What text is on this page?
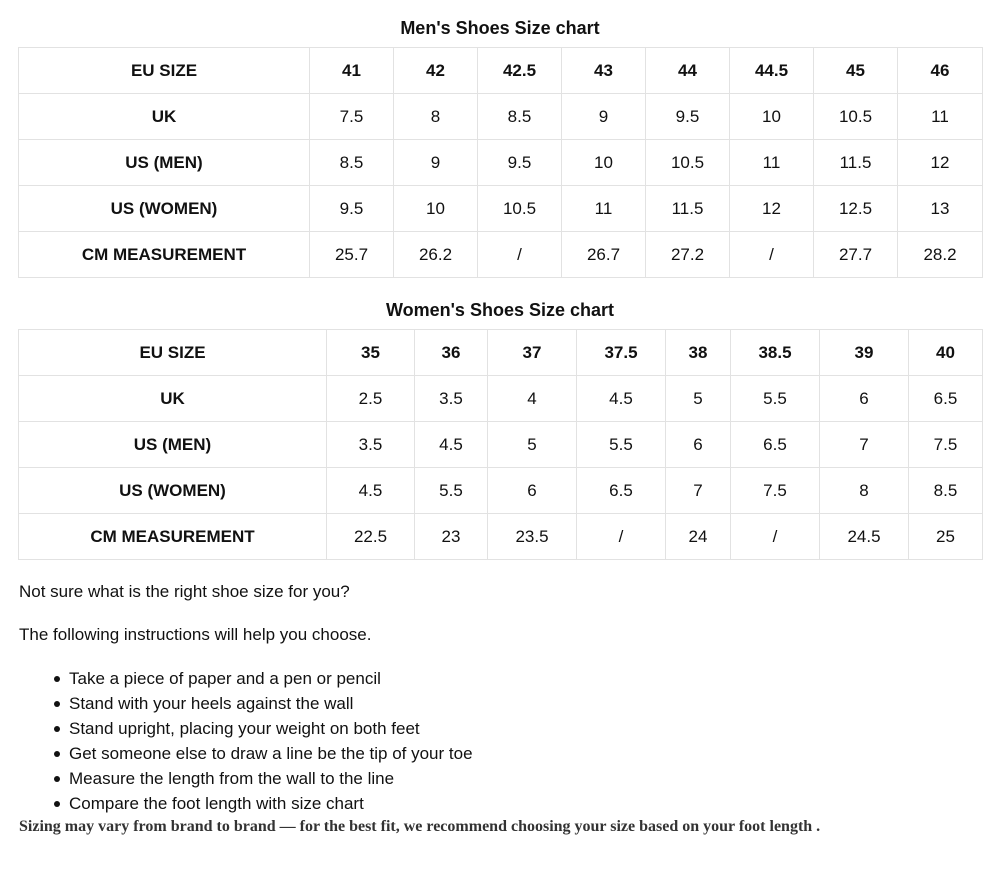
Men's Shoes Size chart
EU SIZE	41	42	42.5	43	44	44.5	45	46
UK	7.5	8	8.5	9	9.5	10	10.5	11
US (MEN)	8.5	9	9.5	10	10.5	11	11.5	12
US (WOMEN)	9.5	10	10.5	11	11.5	12	12.5	13
CM MEASUREMENT	25.7	26.2	/	26.7	27.2	/	27.7	28.2
Women's Shoes Size chart
EU SIZE	35	36	37	37.5	38	38.5	39	40
UK	2.5	3.5	4	4.5	5	5.5	6	6.5
US (MEN)	3.5	4.5	5	5.5	6	6.5	7	7.5
US (WOMEN)	4.5	5.5	6	6.5	7	7.5	8	8.5
CM MEASUREMENT	22.5	23	23.5	/	24	/	24.5	25

Not sure what is the right shoe size for you?

The following instructions will help you choose.

Take a piece of paper and a pen or pencil
Stand with your heels against the wall
Stand upright, placing your weight on both feet
Get someone else to draw a line be the tip of your toe
Measure the length from the wall to the line
Compare the foot length with size chart

Sizing may vary from brand to brand — for the best fit, we recommend choosing your size based on your foot length .
